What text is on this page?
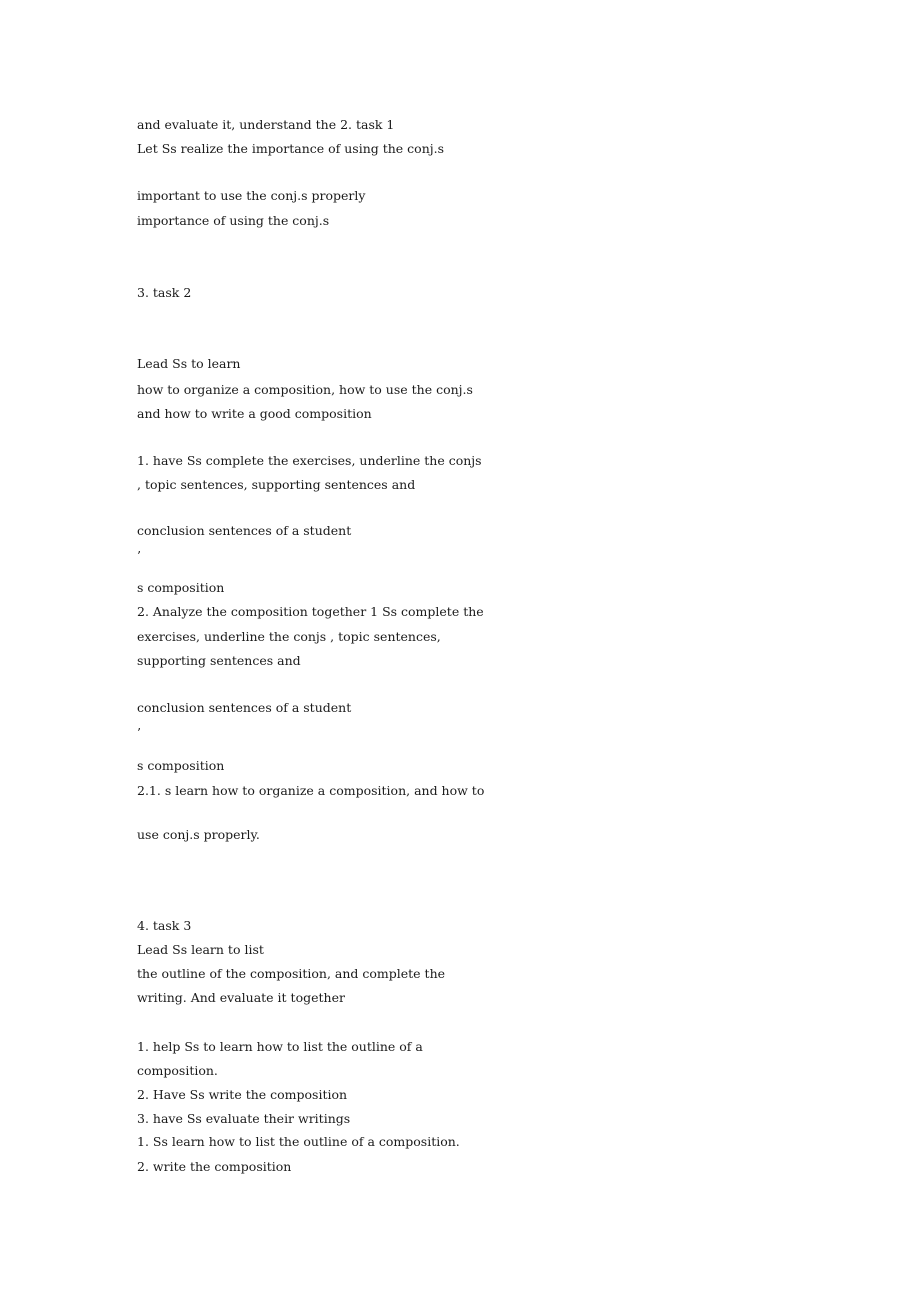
and evaluate it, understand the 2. task 1

Let Ss realize the importance of using the conj.s

important to use the conj.s properly

importance of using the conj.s

3. task 2

Lead Ss to learn

how to organize a composition, how to use the conj.s

and how to write a good composition

1. have Ss complete the exercises, underline the conjs

, topic sentences, supporting sentences and

conclusion sentences of a student

’

s composition

2. Analyze the composition together 1 Ss complete the

exercises, underline the conjs , topic sentences,

supporting sentences and

conclusion sentences of a student

’

s composition

2.1. s learn how to organize a composition, and how to

use conj.s properly.

4. task 3

Lead Ss learn to list

the outline of the composition, and complete the

writing. And evaluate it together

1. help Ss to learn how to list the outline of a

composition.

2. Have Ss write the composition

3. have Ss evaluate their writings

1. Ss learn how to list the outline of a composition.

2. write the composition
